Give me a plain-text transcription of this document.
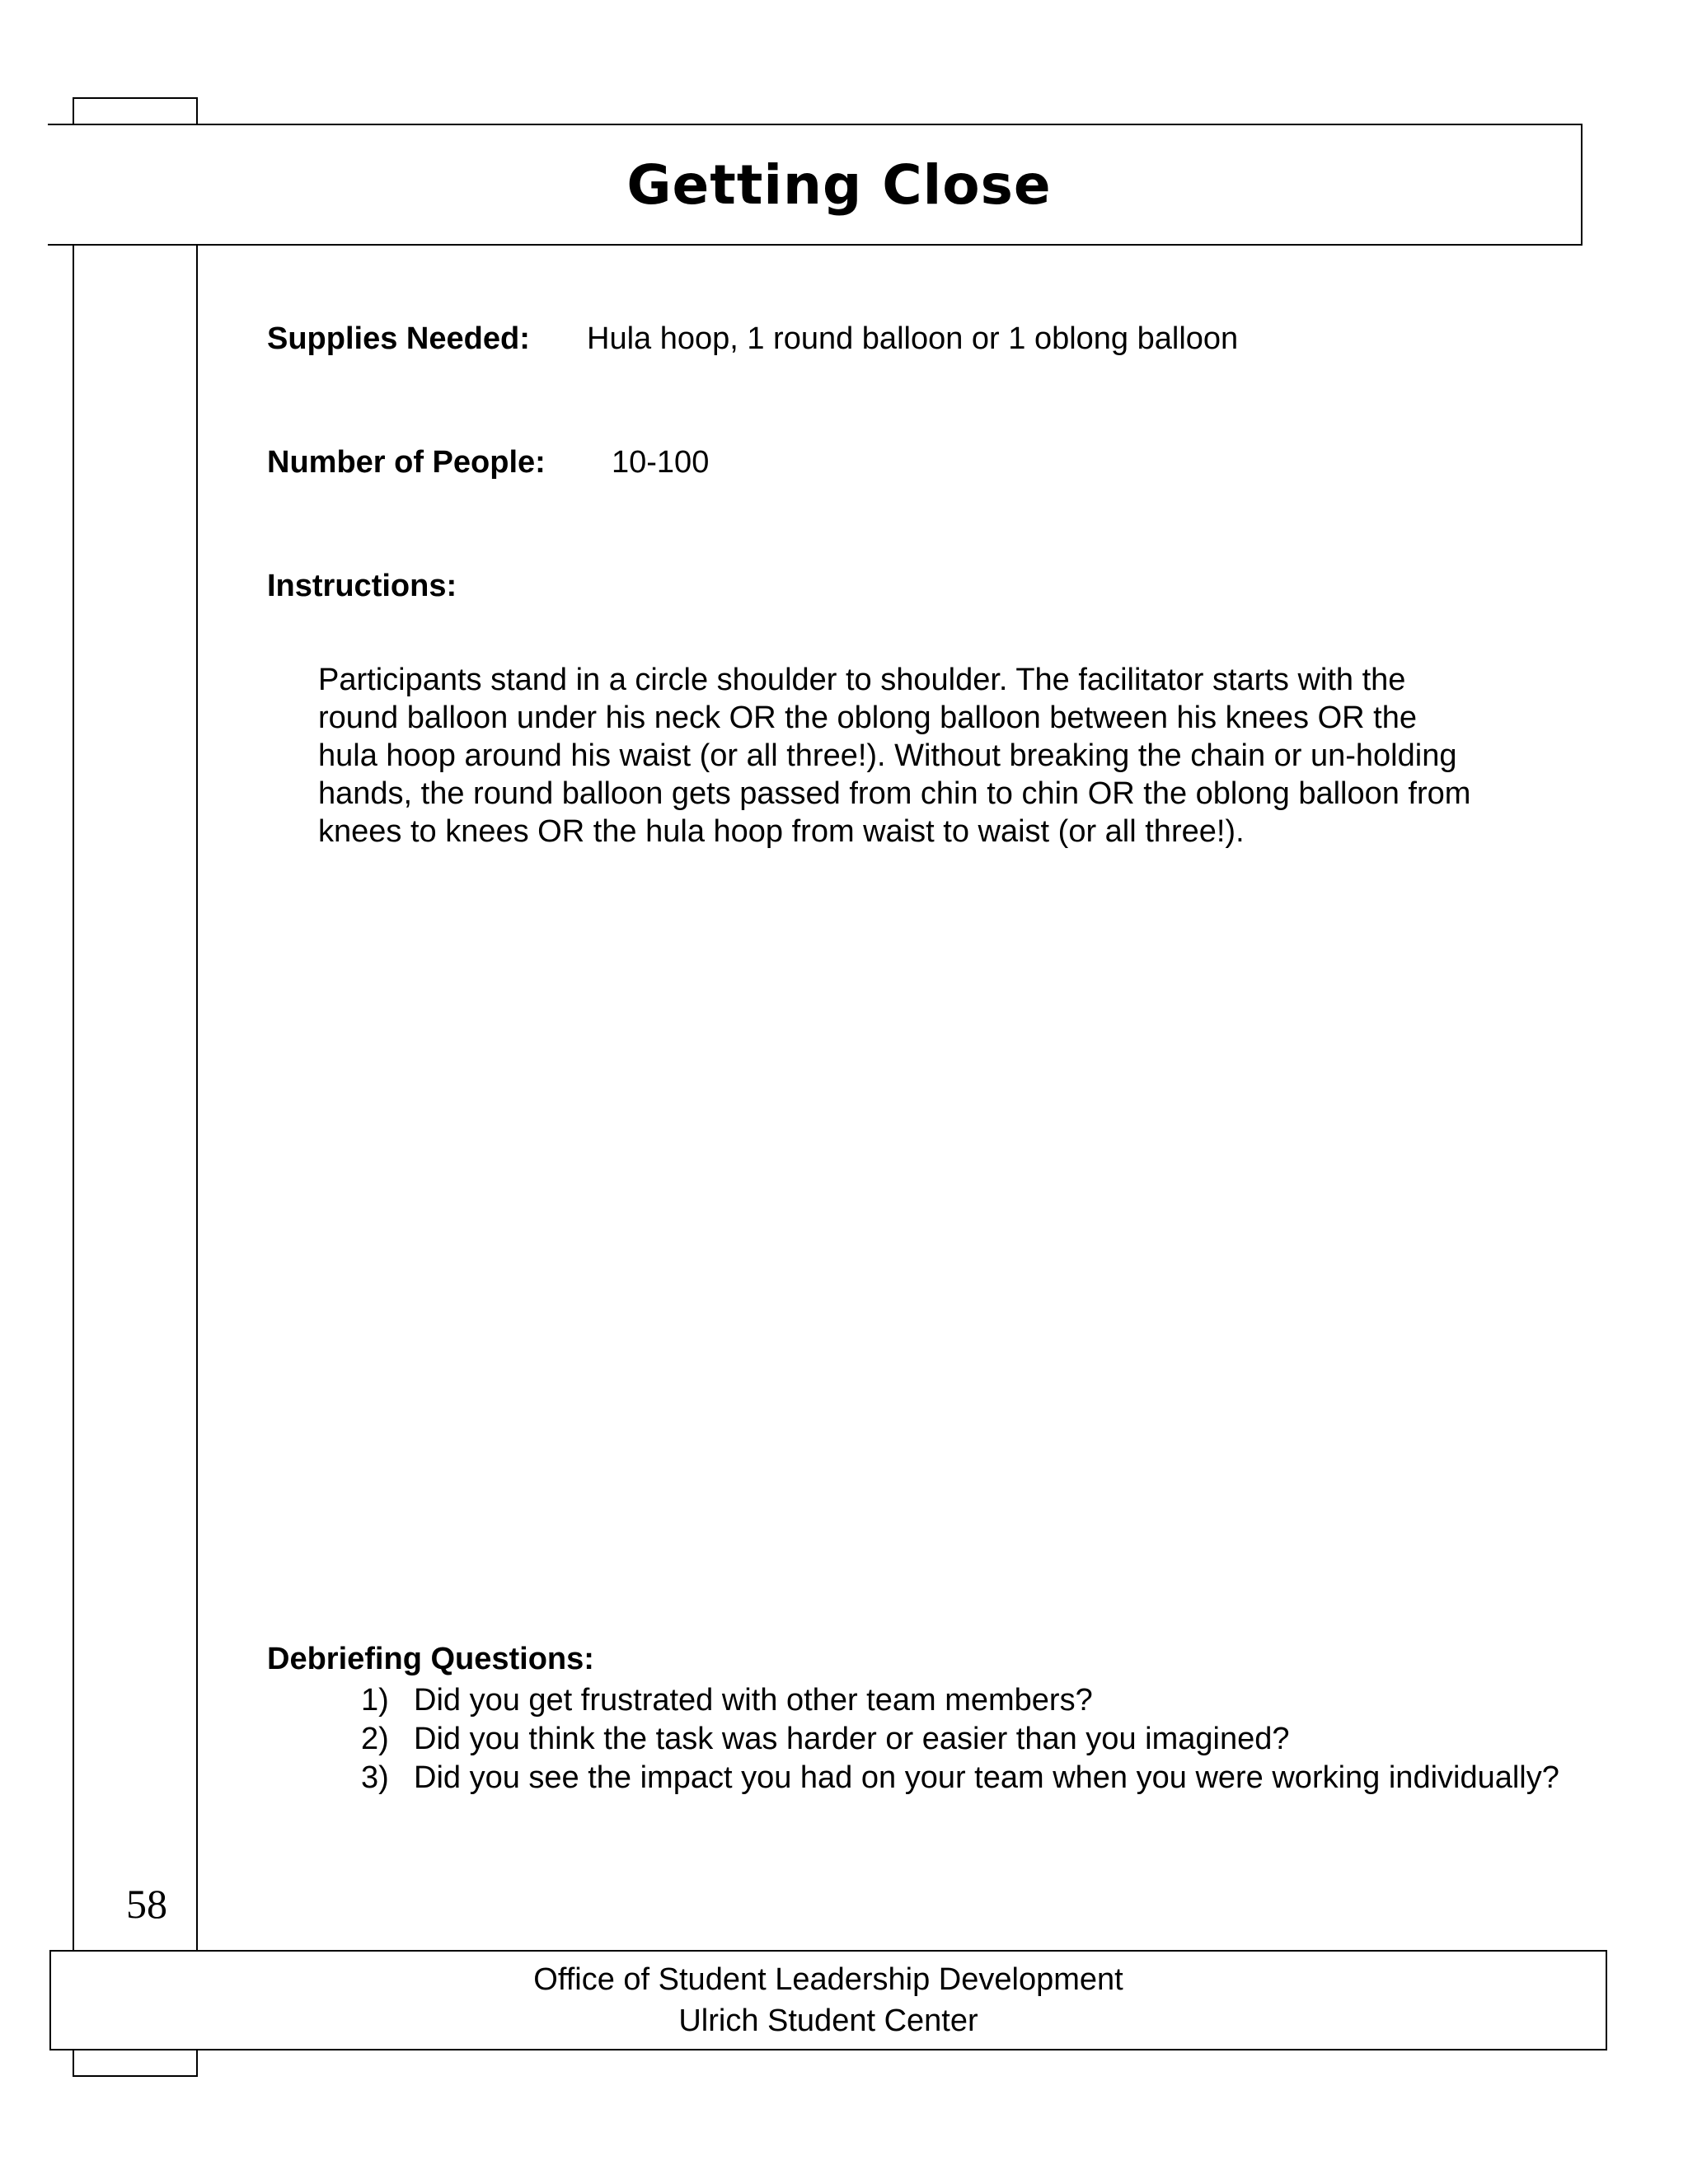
Getting Close
Supplies Needed: Hula hoop, 1 round balloon or 1 oblong balloon
Number of People: 10-100
Instructions:
Participants stand in a circle shoulder to shoulder. The facilitator starts with the
round balloon under his neck OR the oblong balloon between his knees OR the
hula hoop around his waist (or all three!). Without breaking the chain or un-holding
hands, the round balloon gets passed from chin to chin OR the oblong balloon from
knees to knees OR the hula hoop from waist to waist (or all three!).
Debriefing Questions:
1) Did you get frustrated with other team members?
2) Did you think the task was harder or easier than you imagined?
3) Did you see the impact you had on your team when you were working individually?
58
Office of Student Leadership Development
Ulrich Student Center
